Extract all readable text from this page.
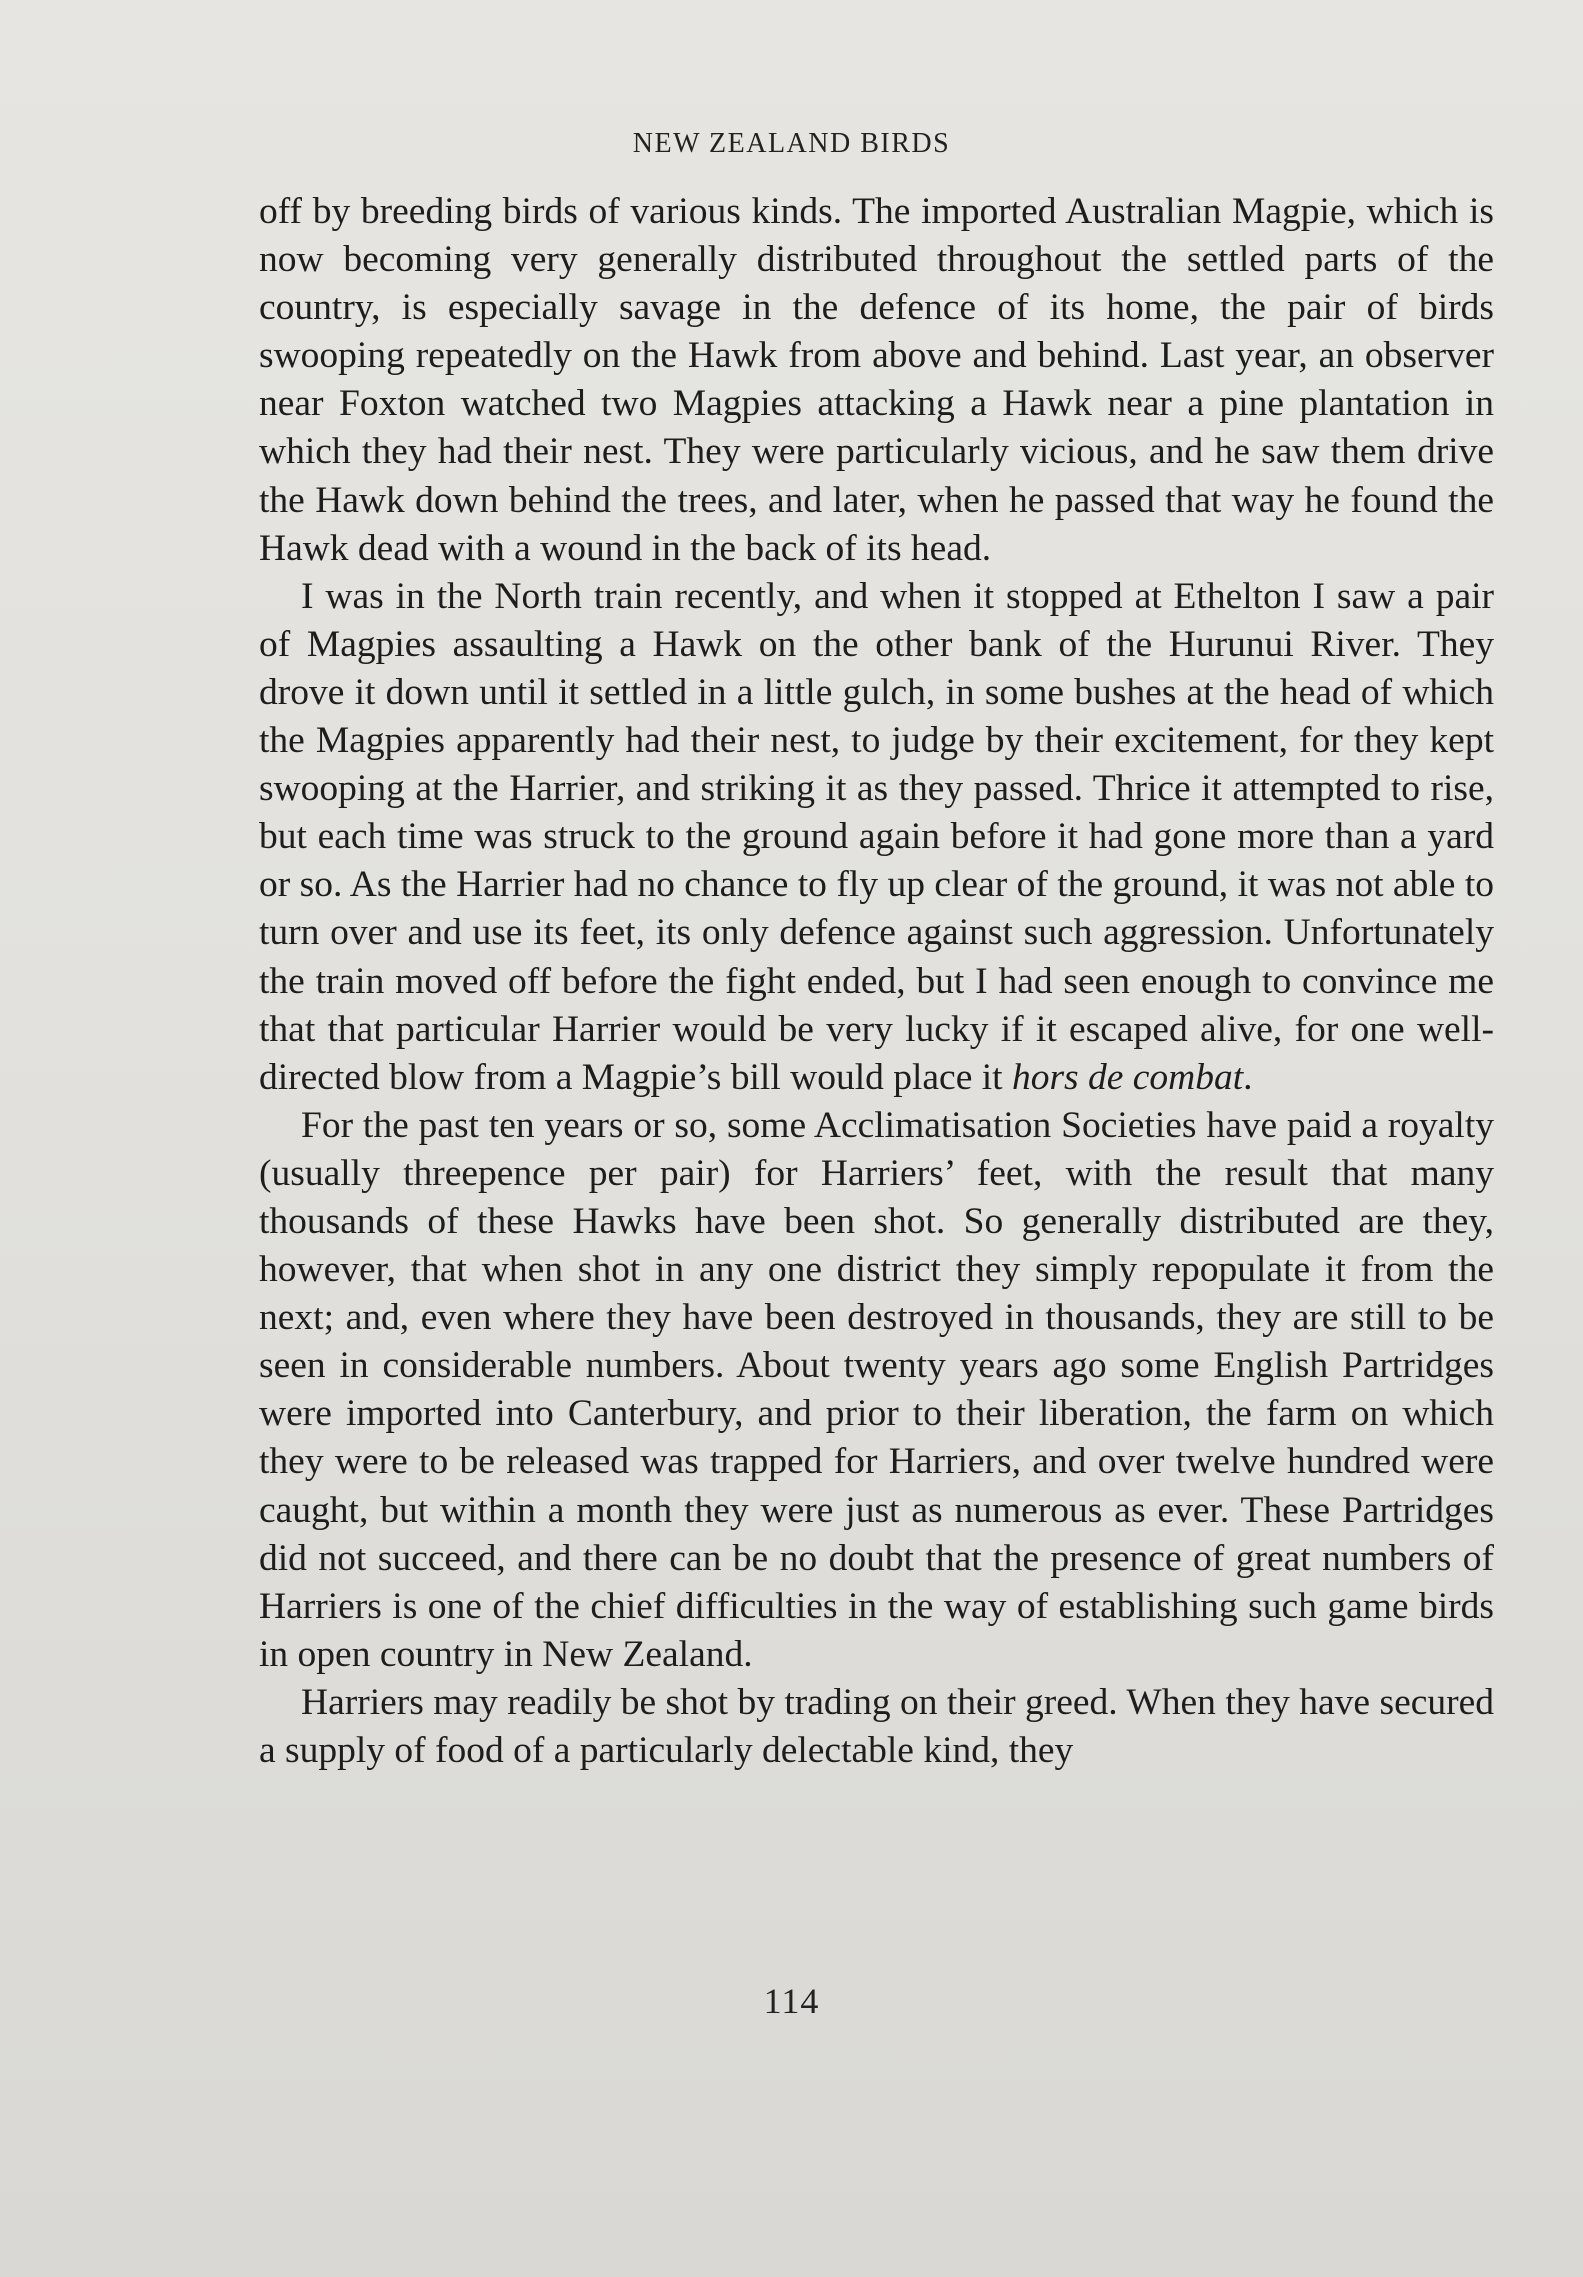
NEW ZEALAND BIRDS

off by breeding birds of various kinds. The imported Australian Magpie, which is now becoming very generally distributed throughout the settled parts of the country, is especially savage in the defence of its home, the pair of birds swooping repeatedly on the Hawk from above and behind. Last year, an observer near Foxton watched two Magpies attacking a Hawk near a pine plantation in which they had their nest. They were particularly vicious, and he saw them drive the Hawk down behind the trees, and later, when he passed that way he found the Hawk dead with a wound in the back of its head.

I was in the North train recently, and when it stopped at Ethelton I saw a pair of Magpies assaulting a Hawk on the other bank of the Hurunui River. They drove it down until it settled in a little gulch, in some bushes at the head of which the Magpies apparently had their nest, to judge by their excitement, for they kept swooping at the Harrier, and striking it as they passed. Thrice it attempted to rise, but each time was struck to the ground again before it had gone more than a yard or so. As the Harrier had no chance to fly up clear of the ground, it was not able to turn over and use its feet, its only defence against such aggression. Unfortunately the train moved off before the fight ended, but I had seen enough to convince me that that particular Harrier would be very lucky if it escaped alive, for one well-directed blow from a Magpie’s bill would place it hors de combat.

For the past ten years or so, some Acclimatisation Societies have paid a royalty (usually threepence per pair) for Harriers’ feet, with the result that many thousands of these Hawks have been shot. So generally distributed are they, however, that when shot in any one district they simply repopulate it from the next; and, even where they have been destroyed in thousands, they are still to be seen in considerable numbers. About twenty years ago some English Partridges were imported into Canterbury, and prior to their liberation, the farm on which they were to be released was trapped for Harriers, and over twelve hundred were caught, but within a month they were just as numerous as ever. These Partridges did not succeed, and there can be no doubt that the presence of great numbers of Harriers is one of the chief difficulties in the way of establishing such game birds in open country in New Zealand.

Harriers may readily be shot by trading on their greed. When they have secured a supply of food of a particularly delectable kind, they

114
